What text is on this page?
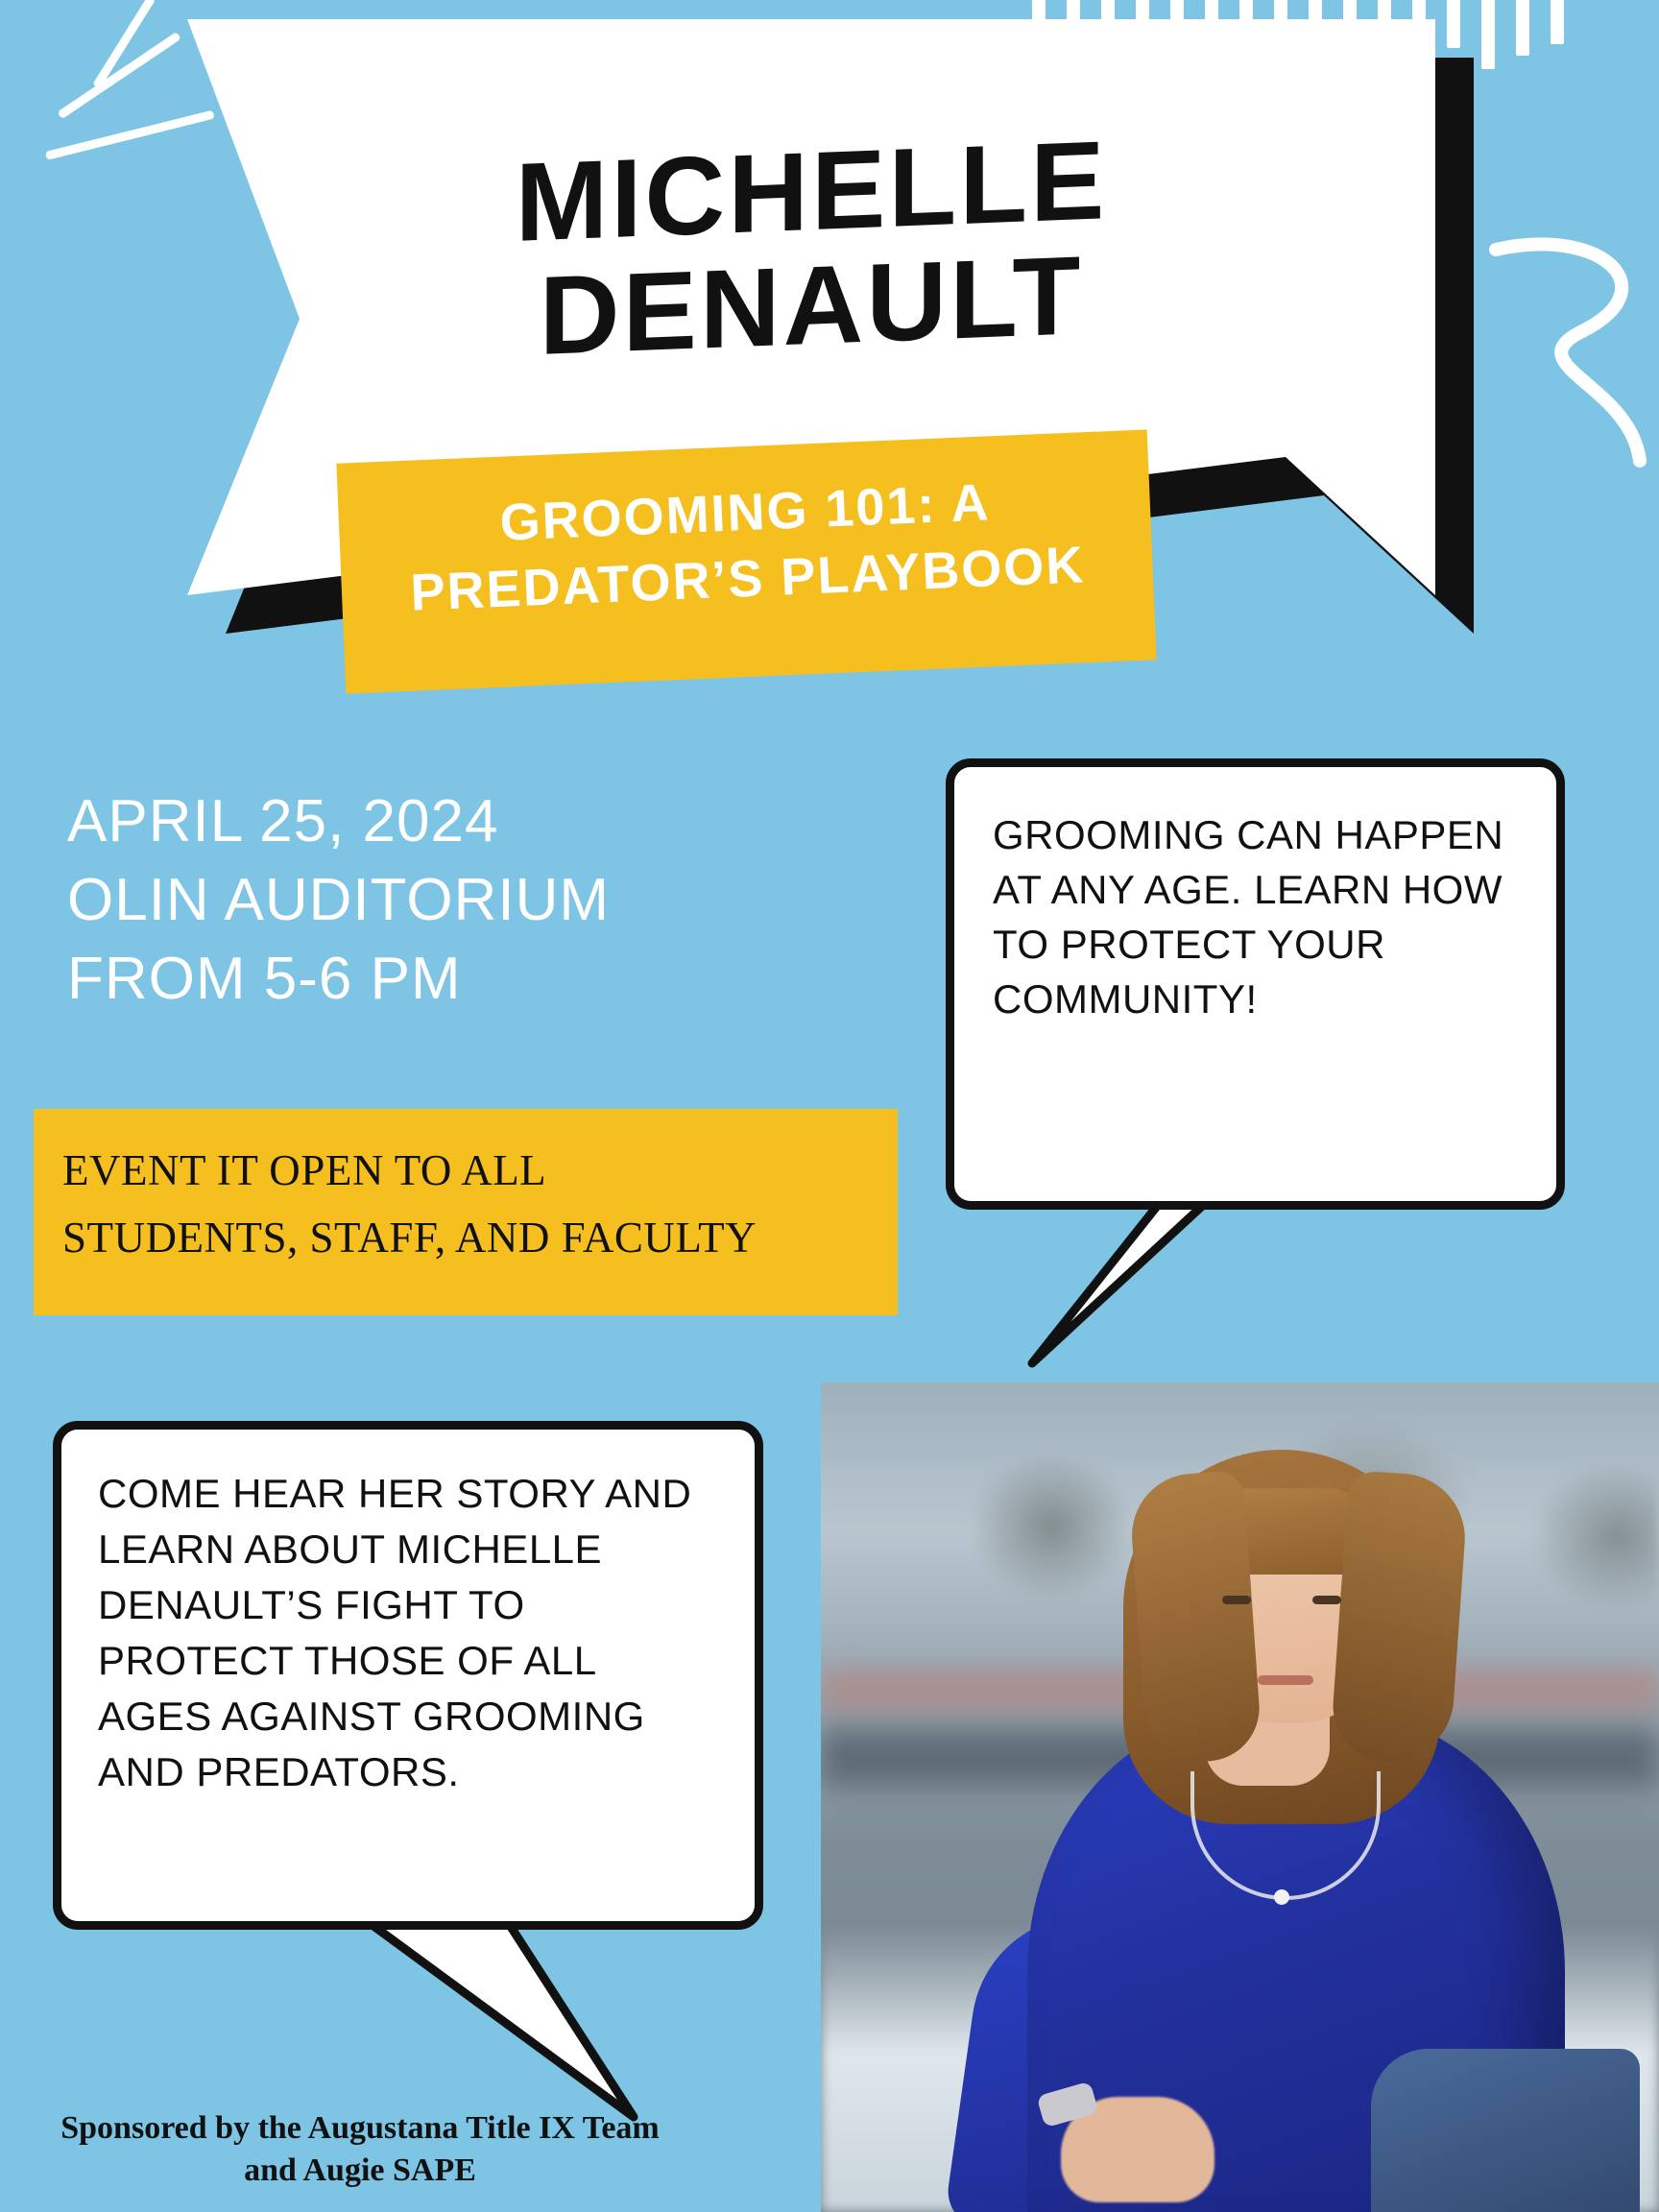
MICHELLE
DENAULT
GROOMING 101: A
PREDATOR’S PLAYBOOK
APRIL 25, 2024
OLIN AUDITORIUM
FROM 5-6 PM
EVENT IT OPEN TO ALL
STUDENTS, STAFF, AND FACULTY
GROOMING CAN HAPPEN AT ANY AGE. LEARN HOW TO PROTECT YOUR COMMUNITY!
COME HEAR HER STORY AND LEARN ABOUT MICHELLE DENAULT’S FIGHT TO PROTECT THOSE OF ALL AGES AGAINST GROOMING AND PREDATORS.
Sponsored by the Augustana Title IX Team
and Augie SAPE
